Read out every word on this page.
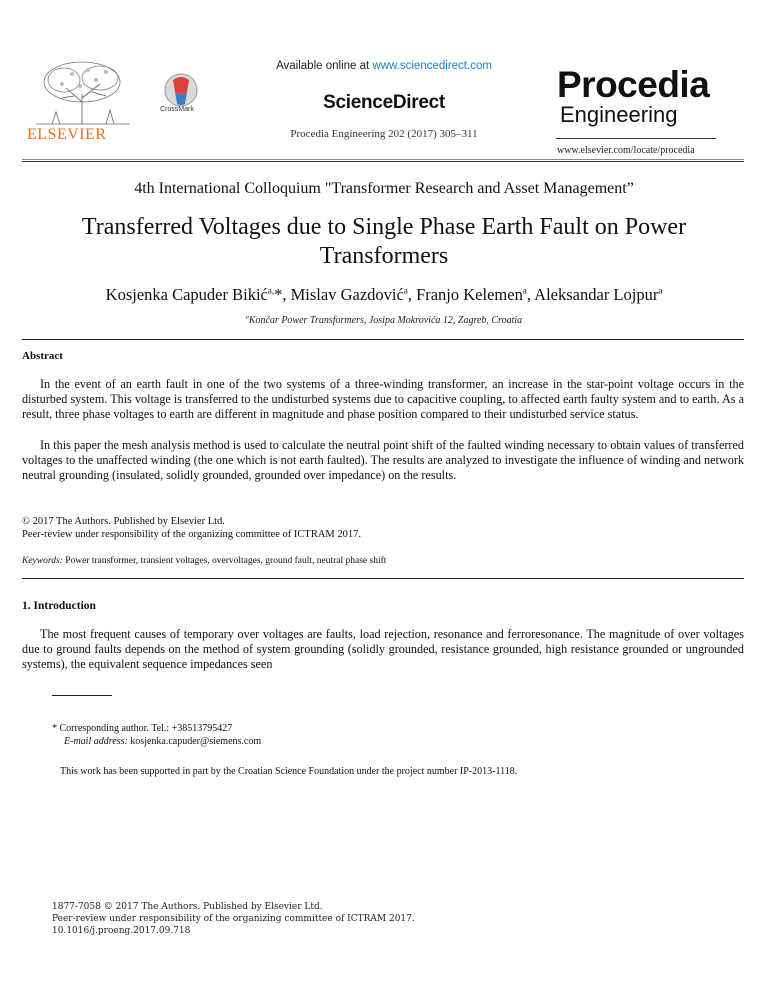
Available online at www.sciencedirect.com
ELSEVIER
CrossMark	ScienceDirect
Procedia Engineering 202 (2017) 305–311
Procedia
Engineering
www.elsevier.com/locate/procedia
4th International Colloquium "Transformer Research and Asset Management”
Transferred Voltages due to Single Phase Earth Fault on Power Transformers
Kosjenka Capuder Bikić$^{a,}$*, Mislav Gazdović$^a$, Franjo Kelemen$^a$, Aleksandar Lojpur$^a$
$^a$Končar Power Transformers, Josipa Mokrovića 12, Zagreb, Croatia
Abstract
In the event of an earth fault in one of the two systems of a three-winding transformer, an increase in the star-point voltage occurs in the disturbed system. This voltage is transferred to the undisturbed systems due to capacitive coupling, to affected earth faulty system and to earth. As a result, three phase voltages to earth are different in magnitude and phase position compared to their undisturbed service status.
In this paper the mesh analysis method is used to calculate the neutral point shift of the faulted winding necessary to obtain values of transferred voltages to the unaffected winding (the one which is not earth faulted). The results are analyzed to investigate the influence of winding and network neutral grounding (insulated, solidly grounded, grounded over impedance) on the results.
© 2017 The Authors. Published by Elsevier Ltd.
Peer-review under responsibility of the organizing committee of ICTRAM 2017.
Keywords: Power transformer, transient voltages, overvoltages, ground fault, neutral phase shift
1. Introduction
The most frequent causes of temporary over voltages are faults, load rejection, resonance and ferroresonance. The magnitude of over voltages due to ground faults depends on the method of system grounding (solidly grounded, resistance grounded, high resistance grounded or ungrounded systems), the equivalent sequence impedances seen
* Corresponding author. Tel.: +38513795427
E-mail address: kosjenka.capuder@siemens.com
This work has been supported in part by the Croatian Science Foundation under the project number IP-2013-1118.
1877-7058 © 2017 The Authors. Published by Elsevier Ltd.
Peer-review under responsibility of the organizing committee of ICTRAM 2017.
10.1016/j.proeng.2017.09.718
